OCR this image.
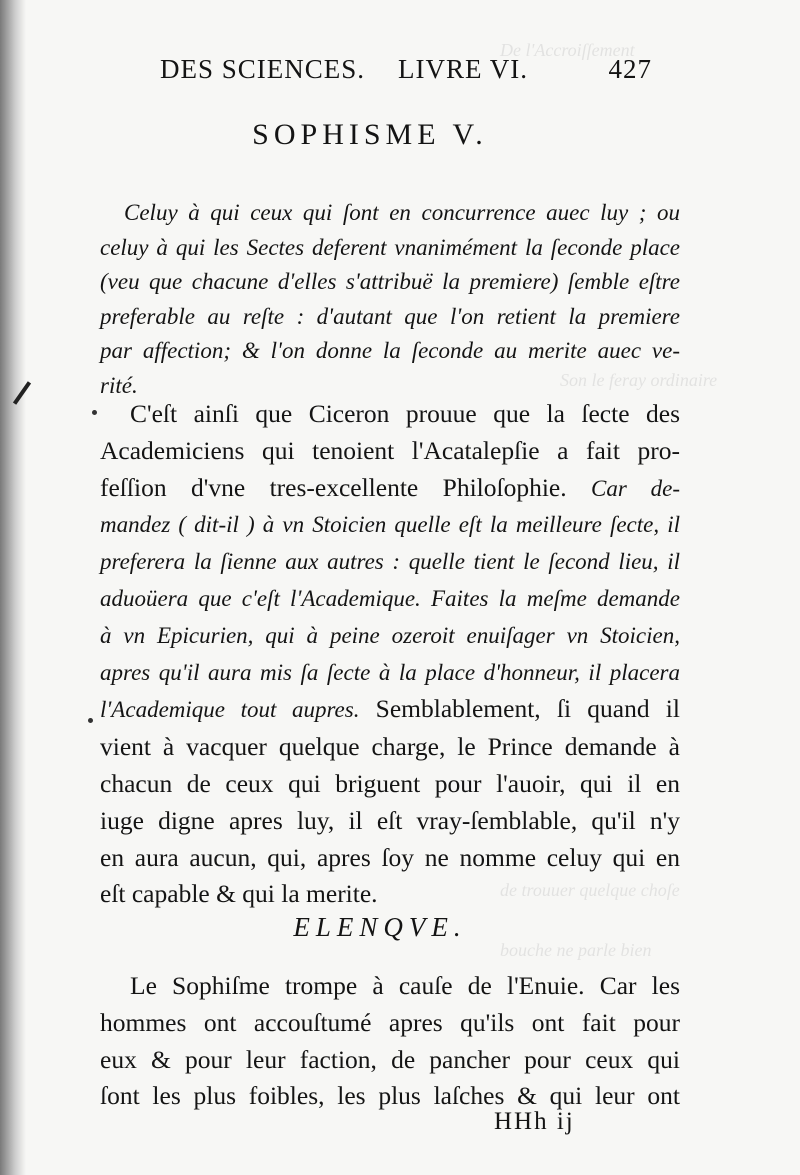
De l'Accroiſſement
Son le feray ordinaire
de trouuer quelque choſe
bouche ne parle bien
DES SCIENCES. LIVRE VI.	427
SOPHISME V.
Celuy à qui ceux qui ſont en concurrence auec luy ; ou
celuy à qui les Sectes deferent vnanimément la ſeconde place
(veu que chacune d'elles s'attribuë la premiere) ſemble eſtre
preferable au reſte : d'autant que l'on retient la premiere
par affection; & l'on donne la ſeconde au merite auec ve-
rité.
C'eſt ainſi que Ciceron prouue que la ſecte des
Academiciens qui tenoient l'Acatalepſie a fait pro-
feſſion d'vne tres-excellente Philoſophie. Car de-
mandez ( dit-il ) à vn Stoicien quelle eſt la meilleure ſecte, il
preferera la ſienne aux autres : quelle tient le ſecond lieu, il
aduoüera que c'eſt l'Academique. Faites la meſme demande
à vn Epicurien, qui à peine ozeroit enuiſager vn Stoicien,
apres qu'il aura mis ſa ſecte à la place d'honneur, il placera
l'Academique tout aupres. Semblablement, ſi quand il
vient à vacquer quelque charge, le Prince demande à
chacun de ceux qui briguent pour l'auoir, qui il en
iuge digne apres luy, il eſt vray-ſemblable, qu'il n'y
en aura aucun, qui, apres ſoy ne nomme celuy qui en
eſt capable & qui la merite.
ELENQVE.
Le Sophiſme trompe à cauſe de l'Enuie. Car les
hommes ont accouſtumé apres qu'ils ont fait pour
eux & pour leur faction, de pancher pour ceux qui
ſont les plus foibles, les plus laſches & qui leur ont
HHh ij
